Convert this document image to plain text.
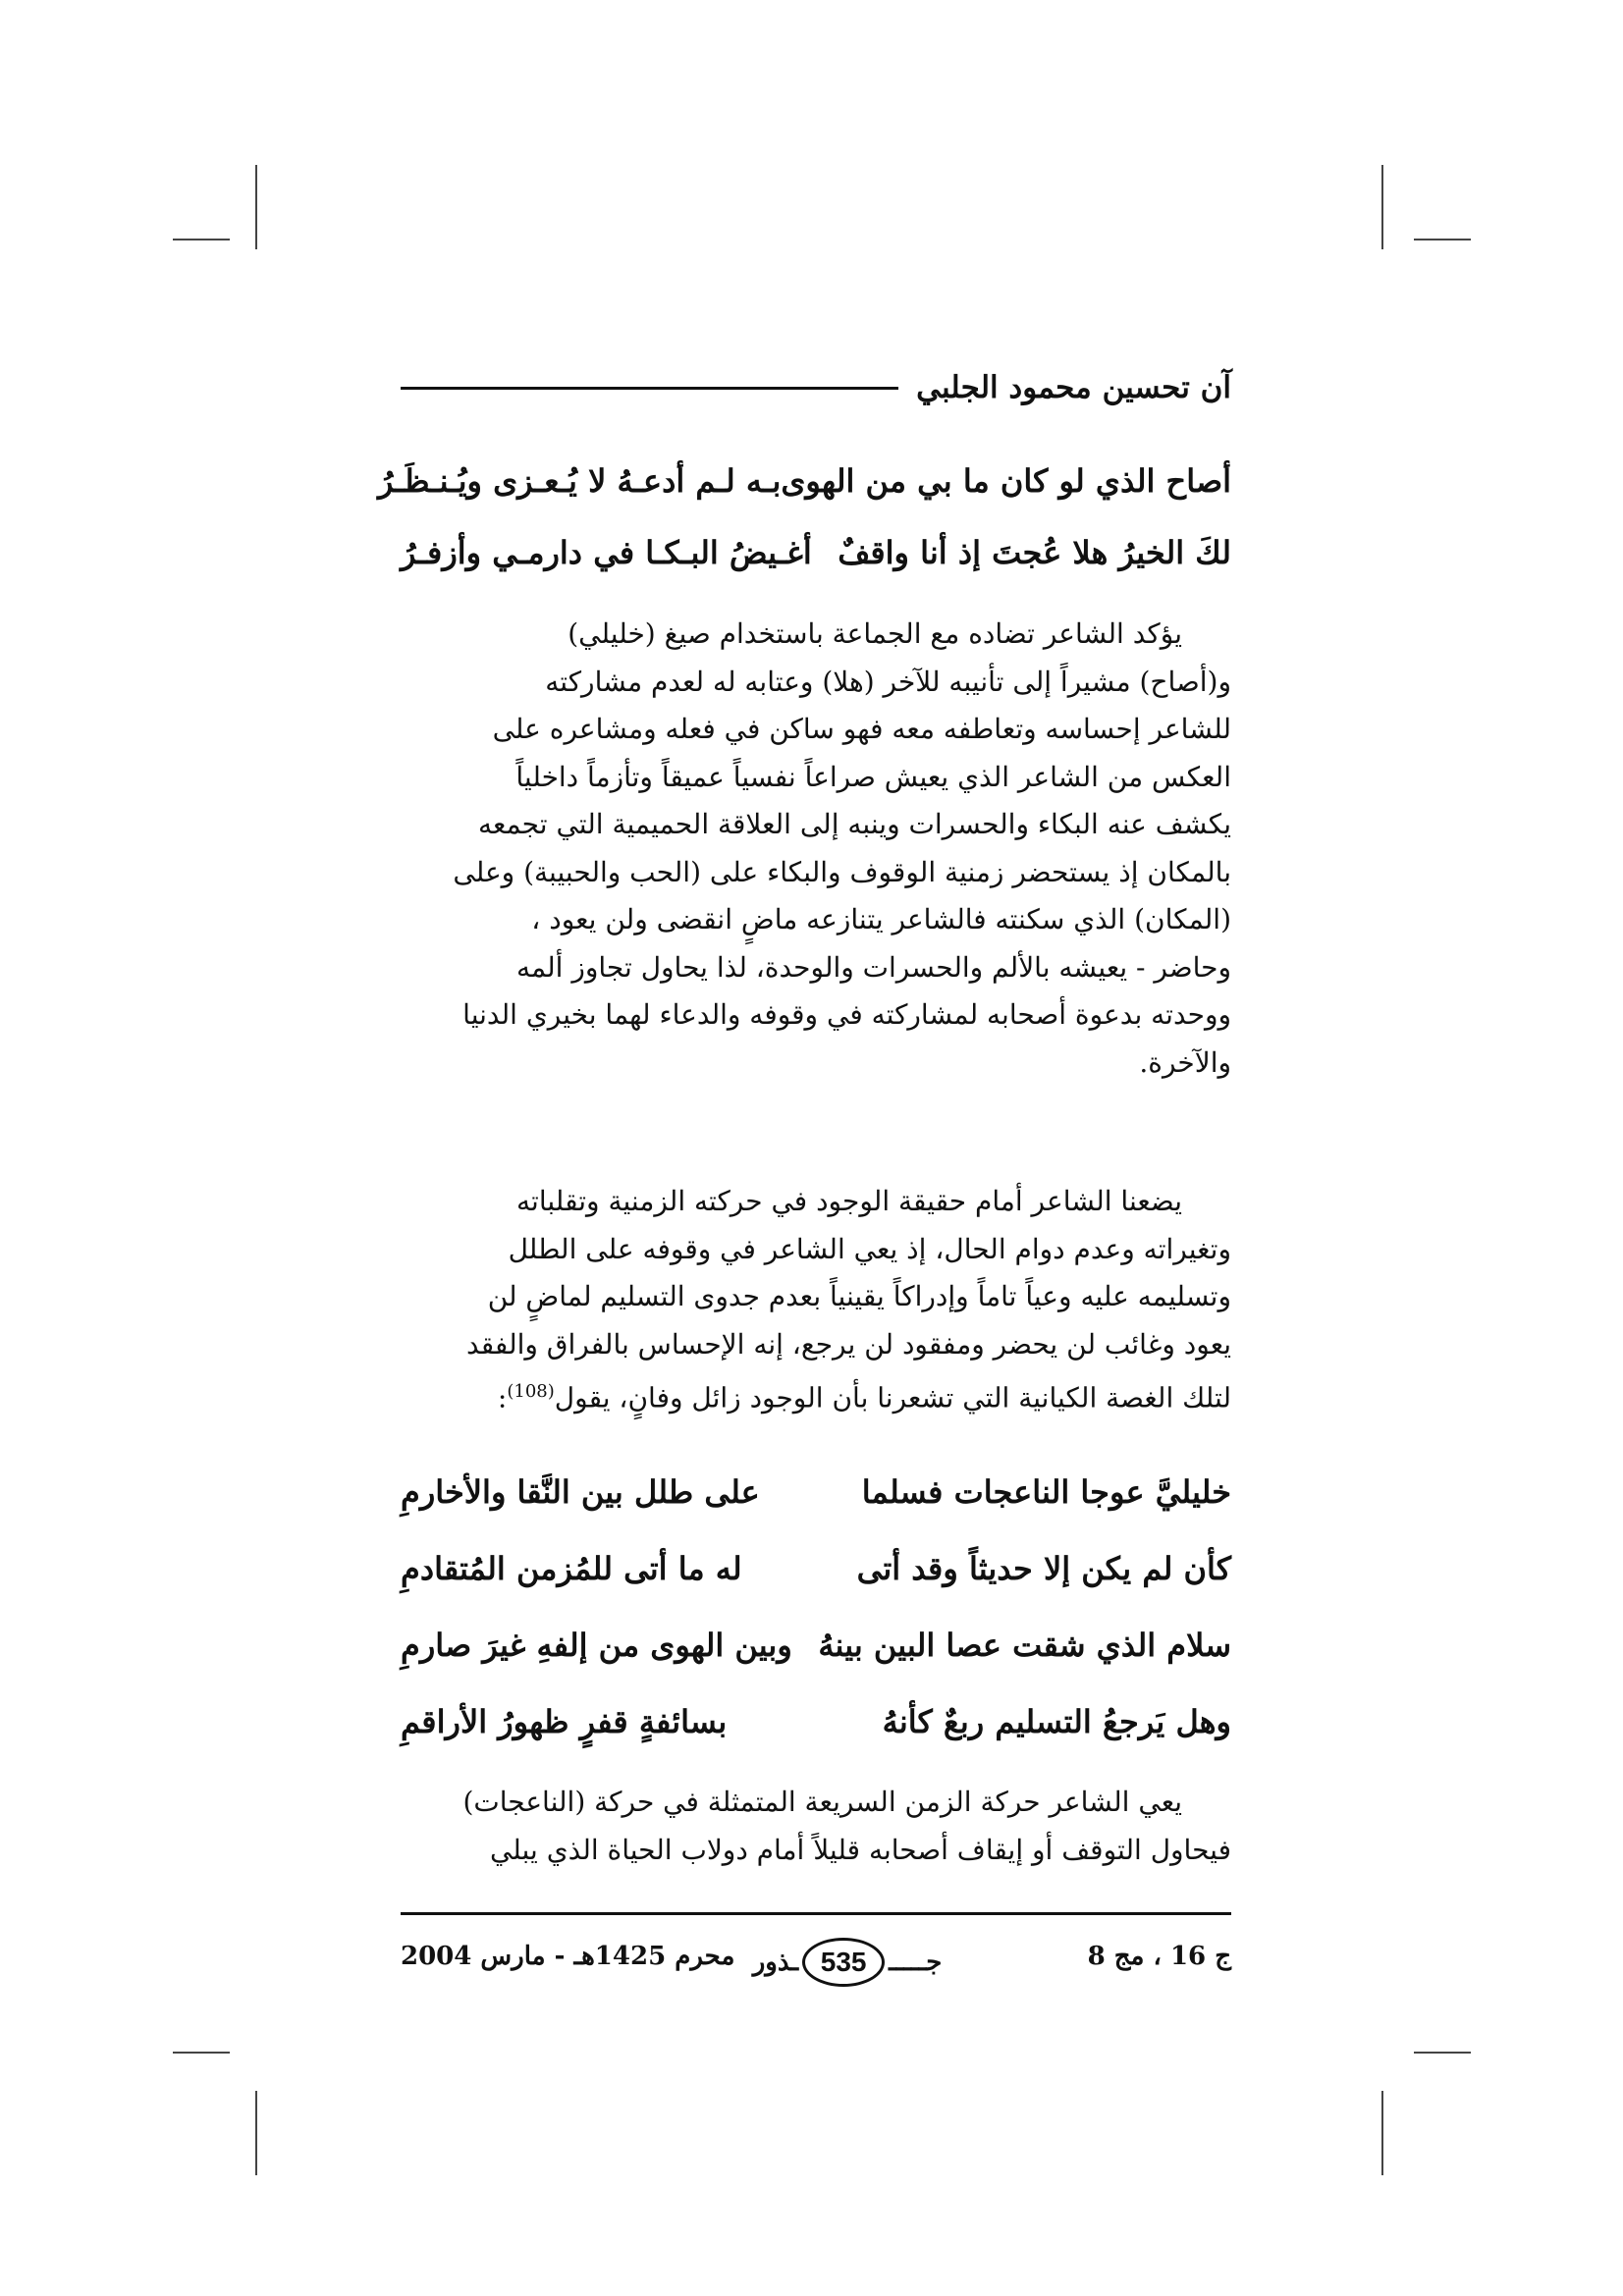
آن تحسين محمود الجلبي
أصاح الذي لو كان ما بي من الهوى
بـه لـم أدعـهُ لا يُـعـزى ويُـنـظَـرُ
لكَ الخيرُ هلا عُجتَ إذ أنا واقفٌ
أغـيضُ البـكـا في دارمـي وأزفـرُ
يؤكد الشاعر تضاده مع الجماعة باستخدام صيغ (خليلي)
و(أصاح) مشيراً إلى تأنيبه للآخر (هلا) وعتابه له لعدم مشاركته
للشاعر إحساسه وتعاطفه معه فهو ساكن في فعله ومشاعره على
العكس من الشاعر الذي يعيش صراعاً نفسياً عميقاً وتأزماً داخلياً
يكشف عنه البكاء والحسرات وينبه إلى العلاقة الحميمية التي تجمعه
بالمكان إذ يستحضر زمنية الوقوف والبكاء على (الحب والحبيبة) وعلى
(المكان) الذي سكنته فالشاعر يتنازعه ماضٍ انقضى ولن يعود ،
وحاضر - يعيشه بالألم والحسرات والوحدة، لذا يحاول تجاوز ألمه
ووحدته بدعوة أصحابه لمشاركته في وقوفه والدعاء لهما بخيري الدنيا
والآخرة.
يضعنا الشاعر أمام حقيقة الوجود في حركته الزمنية وتقلباته
وتغيراته وعدم دوام الحال، إذ يعي الشاعر في وقوفه على الطلل
وتسليمه عليه وعياً تاماً وإدراكاً يقينياً بعدم جدوى التسليم لماضٍ لن
يعود وغائب لن يحضر ومفقود لن يرجع، إنه الإحساس بالفراق والفقد
لتلك الغصة الكيانية التي تشعرنا بأن الوجود زائل وفانٍ، يقول$^{(108)}$:
خليليَّ عوجا الناعجات فسلما
على طلل بين النَّقا والأخارمِ
كأن لم يكن إلا حديثاً وقد أتى
له ما أتى للمُزمن المُتقادمِ
سلام الذي شقت عصا البين بينهُ
وبين الهوى من إلفهِ غيرَ صارمِ
وهل يَرجعُ التسليم ربعٌ كأنهُ
بسائفةٍ قفرٍ ظهورُ الأراقمِ
يعي الشاعر حركة الزمن السريعة المتمثلة في حركة (الناعجات)
فيحاول التوقف أو إيقاف أصحابه قليلاً أمام دولاب الحياة الذي يبلي
ج 16 ، مج 8
جـــــ
535
ـذور
محرم 1425هـ - مارس 2004
